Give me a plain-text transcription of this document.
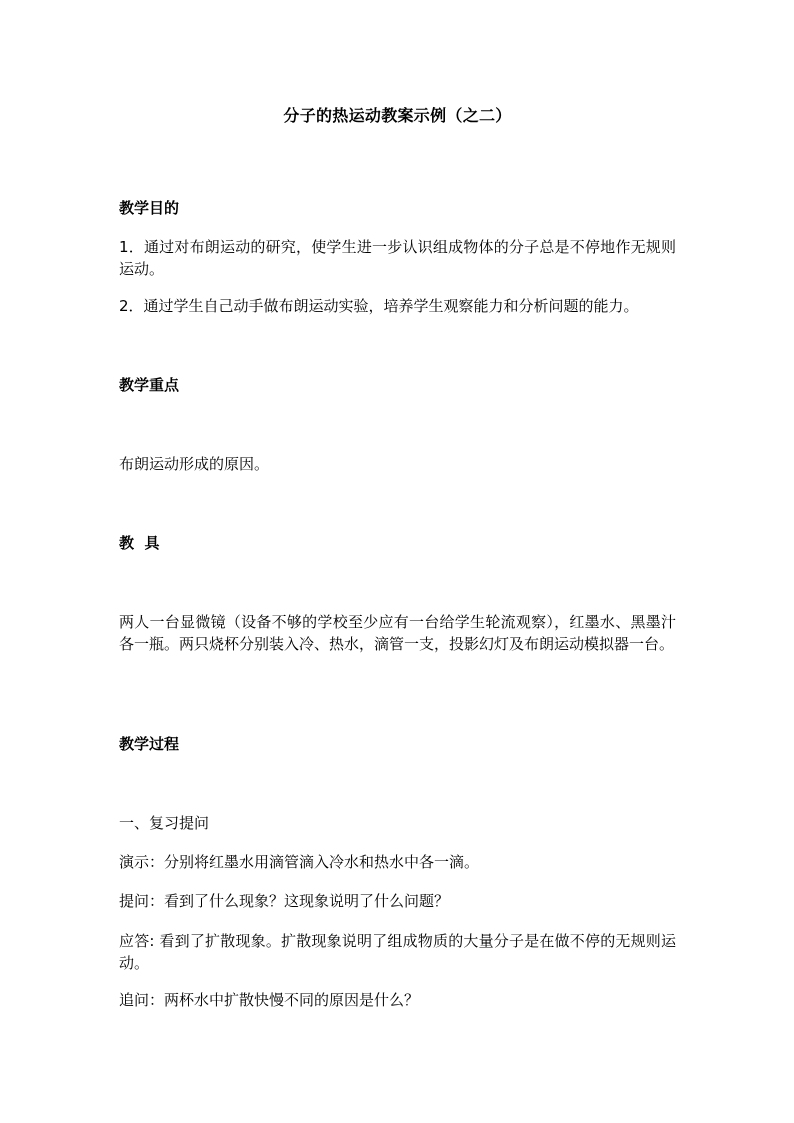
分子的热运动教案示例（之二）
教学目的
1．通过对布朗运动的研究，使学生进一步认识组成物体的分子总是不停地作无规则运动。
2．通过学生自己动手做布朗运动实验，培养学生观察能力和分析问题的能力。
教学重点
布朗运动形成的原因。
教  具
两人一台显微镜（设备不够的学校至少应有一台给学生轮流观察），红墨水、黑墨汁各一瓶。两只烧杯分别装入冷、热水，滴管一支，投影幻灯及布朗运动模拟器一台。
教学过程
一、复习提问
演示：分别将红墨水用滴管滴入冷水和热水中各一滴。
提问：看到了什么现象？这现象说明了什么问题？
应答: 看到了扩散现象。扩散现象说明了组成物质的大量分子是在做不停的无规则运动。
追问：两杯水中扩散快慢不同的原因是什么？
